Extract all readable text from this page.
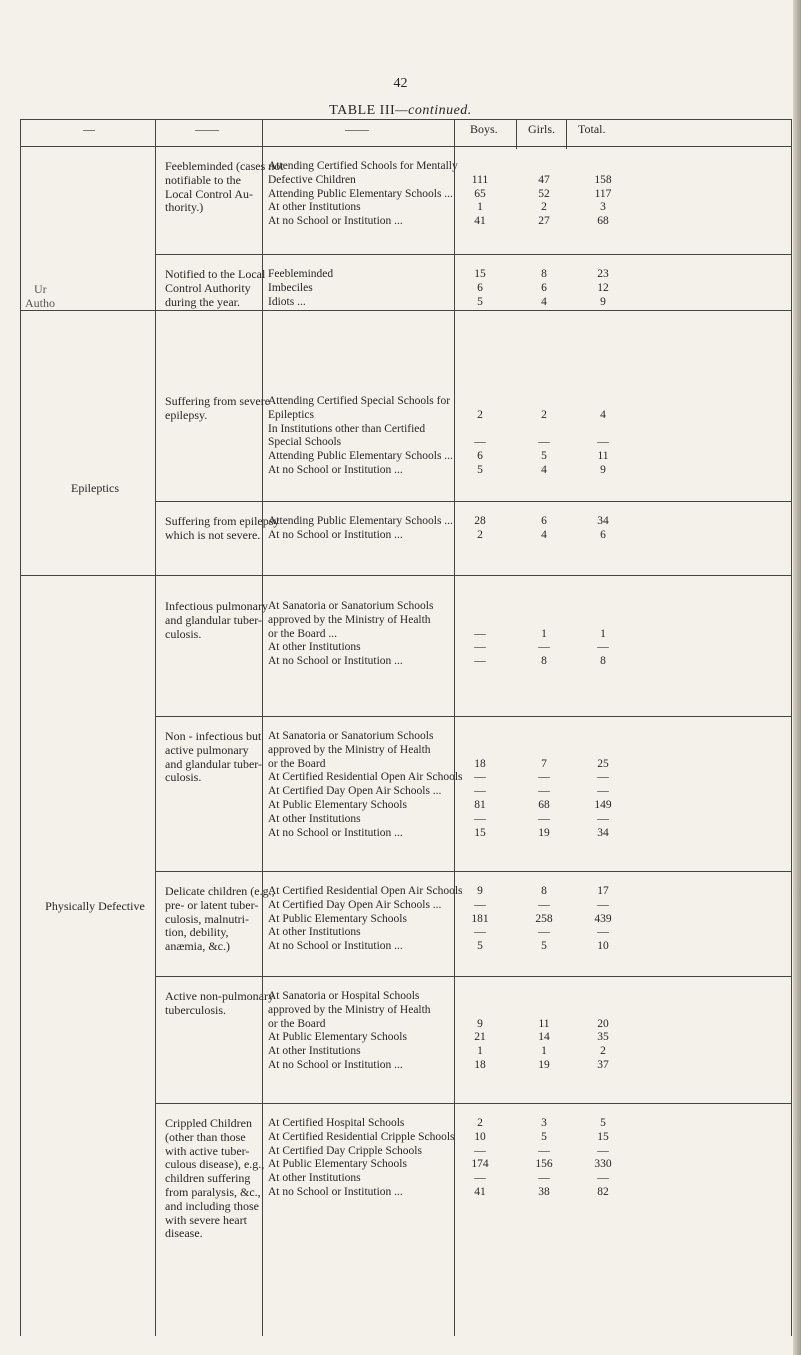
42
TABLE III—continued.
—	——	——	Boys.	Girls. Total.
Feebleminded (cases not
notifiable to the
Local Control Au-
thority.)
Attending Certified Schools for Mentally
Defective Children	111	47	158
Attending Public Elementary Schools ...	65	52	117
At other Institutions	1	2	3
At no School or Institution ...	41	27	68
Notified to the Local
Control Authority
during the year.
Feebleminded	15	8	23
Imbeciles	6	6	12
Idiots ...	5	4	9
Epileptics
Suffering from severe
epilepsy.
Attending Certified Special Schools for
Epileptics	2	2	4
In Institutions other than Certified
Special Schools	—	—	—
Attending Public Elementary Schools ...	6	5	11
At no School or Institution ...	5	4	9
Suffering from epilepsy
which is not severe.
Attending Public Elementary Schools ...	28	6	34
At no School or Institution ...	2	4	6
Physically Defective
Infectious pulmonary
and glandular tuber-
culosis.
At Sanatoria or Sanatorium Schools
approved by the Ministry of Health
or the Board ...	—	1	1
At other Institutions	—	—	—
At no School or Institution ...	—	8	8
Non - infectious but
active pulmonary
and glandular tuber-
culosis.
At Sanatoria or Sanatorium Schools
approved by the Ministry of Health
or the Board	18	7	25
At Certified Residential Open Air Schools	—	—	—
At Certified Day Open Air Schools ...	—	—	—
At Public Elementary Schools	81	68	149
At other Institutions	—	—	—
At no School or Institution ...	15	19	34
Delicate children (e.g.,
pre- or latent tuber-
culosis, malnutri-
tion, debility,
anæmia, &c.)
At Certified Residential Open Air Schools	9	8	17
At Certified Day Open Air Schools ...	—	—	—
At Public Elementary Schools	181	258	439
At other Institutions	—	—	—
At no School or Institution ...	5	5	10
Active non-pulmonary
tuberculosis.
At Sanatoria or Hospital Schools
approved by the Ministry of Health
or the Board	9	11	20
At Public Elementary Schools	21	14	35
At other Institutions	1	1	2
At no School or Institution ...	18	19	37
Crippled Children
(other than those
with active tuber-
culous disease), e.g.,
children suffering
from paralysis, &c.,
and including those
with severe heart
disease.
At Certified Hospital Schools	2	3	5
At Certified Residential Cripple Schools	10	5	15
At Certified Day Cripple Schools	—	—	—
At Public Elementary Schools	174	156	330
At other Institutions	—	—	—
At no School or Institution ...	41	38	82
Ur
Autho
